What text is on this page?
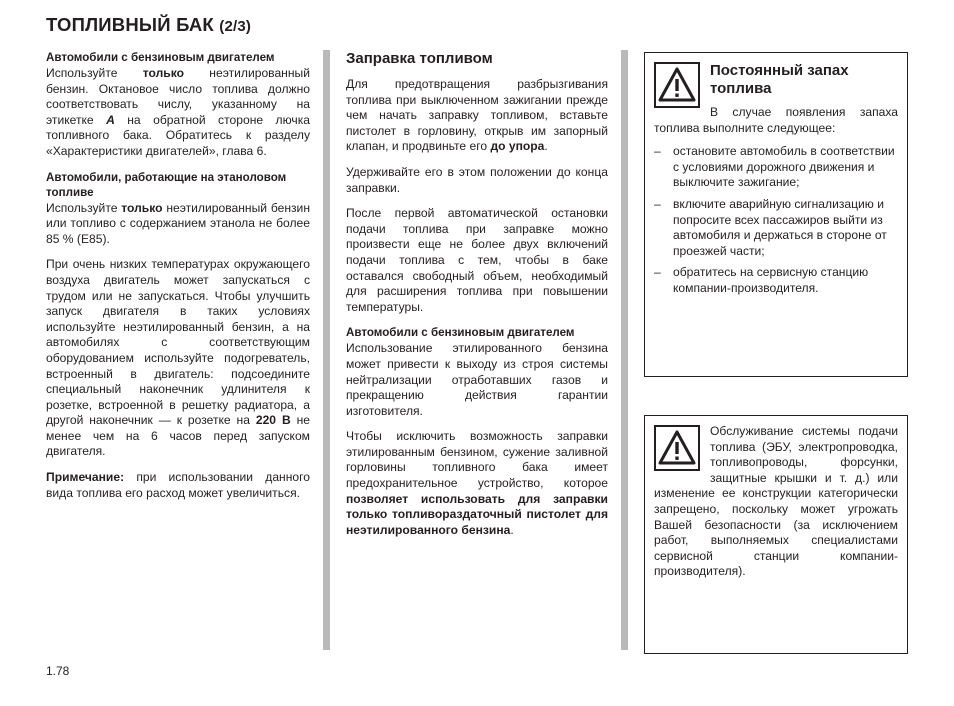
ТОПЛИВНЫЙ БАК (2/3)
Автомобили с бензиновым двигателем

Используйте только неэтилированный бензин. Октановое число топлива должно соответствовать числу, указанному на этикетке A на обратной стороне лючка топливного бака. Обратитесь к разделу «Характеристики двигателей», глава 6.

Автомобили, работающие на этаноловом топливе

Используйте только неэтилированный бензин или топливо с содержанием этанола не более 85 % (E85).

При очень низких температурах окружающего воздуха двигатель может запускаться с трудом или не запускаться. Чтобы улучшить запуск двигателя в таких условиях используйте неэтилированный бензин, а на автомобилях с соответствующим оборудованием используйте подогреватель, встроенный в двигатель: подсоедините специальный наконечник удлинителя к розетке, встроенной в решетку радиатора, а другой наконечник — к розетке на 220 В не менее чем на 6 часов перед запуском двигателя.

Примечание: при использовании данного вида топлива его расход может увеличиться.

Заправка топливом

Для предотвращения разбрызгивания топлива при выключенном зажигании прежде чем начать заправку топливом, вставьте пистолет в горловину, открыв им запорный клапан, и продвиньте его до упора.

Удерживайте его в этом положении до конца заправки.

После первой автоматической остановки подачи топлива при заправке можно произвести еще не более двух включений подачи топлива с тем, чтобы в баке оставался свободный объем, необходимый для расширения топлива при повышении температуры.

Автомобили с бензиновым двигателем

Использование этилированного бензина может привести к выходу из строя системы нейтрализации отработавших газов и прекращению действия гарантии изготовителя.

Чтобы исключить возможность заправки этилированным бензином, сужение заливной горловины топливного бака имеет предохранительное устройство, которое позволяет использовать для заправки только топливораздаточный пистолет для неэтилированного бензина.

Постоянный запах топлива

В случае появления запаха топлива выполните следующее:

– остановите автомобиль в соответствии с условиями дорожного движения и выключите зажигание;
– включите аварийную сигнализацию и попросите всех пассажиров выйти из автомобиля и держаться в стороне от проезжей части;
– обратитесь на сервисную станцию компании-производителя.

Обслуживание системы подачи топлива (ЭБУ, электропроводка, топливопроводы, форсунки, защитные крышки и т. д.) или изменение ее конструкции категорически запрещено, поскольку может угрожать Вашей безопасности (за исключением работ, выполняемых специалистами сервисной станции компании-производителя).

1.78
